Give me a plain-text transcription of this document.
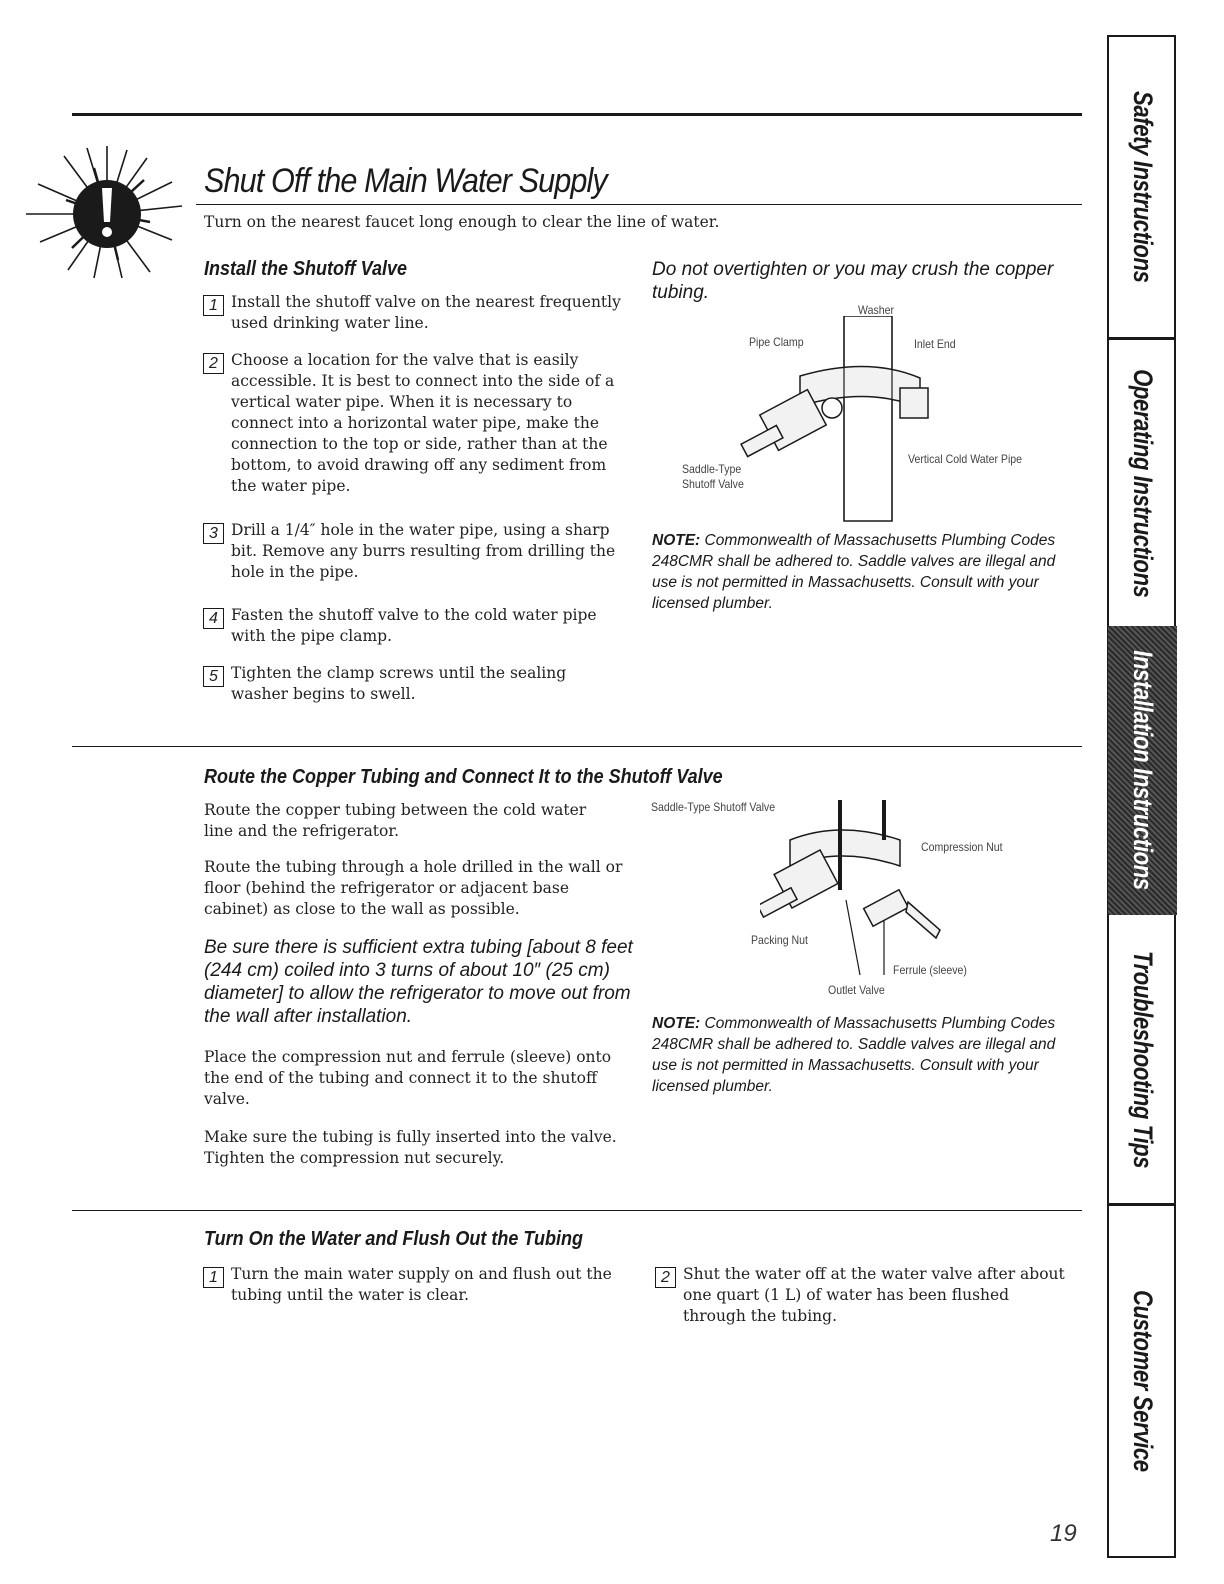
Shut Off the Main Water Supply
Turn on the nearest faucet long enough to clear the line of water.
Install the Shutoff Valve
1 Install the shutoff valve on the nearest frequently used drinking water line.
2 Choose a location for the valve that is easily accessible. It is best to connect into the side of a vertical water pipe. When it is necessary to connect into a horizontal water pipe, make the connection to the top or side, rather than at the bottom, to avoid drawing off any sediment from the water pipe.
3 Drill a 1/4″ hole in the water pipe, using a sharp bit. Remove any burrs resulting from drilling the hole in the pipe.
4 Fasten the shutoff valve to the cold water pipe with the pipe clamp.
5 Tighten the clamp screws until the sealing washer begins to swell.
Do not overtighten or you may crush the copper tubing.
Washer
Pipe Clamp	Inlet End
Saddle-Type
Shutoff Valve
Vertical Cold Water Pipe
NOTE: Commonwealth of Massachusetts Plumbing Codes 248CMR shall be adhered to. Saddle valves are illegal and use is not permitted in Massachusetts. Consult with your licensed plumber.
Route the Copper Tubing and Connect It to the Shutoff Valve
Route the copper tubing between the cold water line and the refrigerator.
Route the tubing through a hole drilled in the wall or floor (behind the refrigerator or adjacent base cabinet) as close to the wall as possible.
Be sure there is sufficient extra tubing [about 8 feet (244 cm) coiled into 3 turns of about 10″ (25 cm) diameter] to allow the refrigerator to move out from the wall after installation.
Place the compression nut and ferrule (sleeve) onto the end of the tubing and connect it to the shutoff valve.
Make sure the tubing is fully inserted into the valve. Tighten the compression nut securely.
Saddle-Type Shutoff Valve
Compression Nut
Packing Nut
Ferrule (sleeve)
Outlet Valve
NOTE: Commonwealth of Massachusetts Plumbing Codes 248CMR shall be adhered to. Saddle valves are illegal and use is not permitted in Massachusetts. Consult with your licensed plumber.
Turn On the Water and Flush Out the Tubing
1 Turn the main water supply on and flush out the tubing until the water is clear.
2 Shut the water off at the water valve after about one quart (1 L) of water has been flushed through the tubing.
19
Safety Instructions
Operating Instructions
Installation Instructions
Troubleshooting Tips
Customer Service
